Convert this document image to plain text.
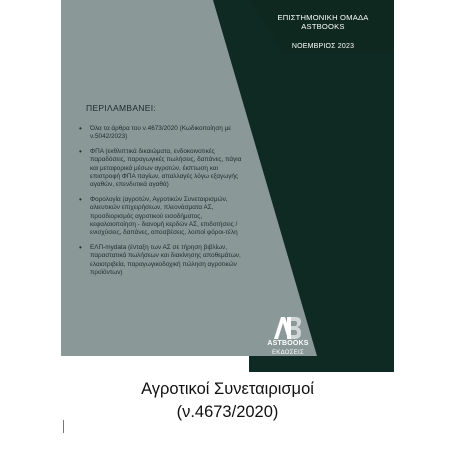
ΕΠΙΣΤΗΜΟΝΙΚΗ ΟΜΑΔΑ
ASTBOOKS
ΝΟΕΜΒΡΙΟΣ 2023
ΠΕΡΙΛΑΜΒΑΝΕΙ:
• Όλα τα άρθρα του ν.4673/2020 (Κωδικοποίηση με ν.5042/2023)
• ΦΠΑ (εκθλιπτικά δικαιώματα, ενδοκοινοτικές παραδόσεις, παραγωγικές πωλήσεις, δαπάνες, πάγια και μεταφορικά μέσων αγροτών, έκπτωση και επιστροφή ΦΠΑ παγίων, απαλλαγές λόγω εξαγωγής αγαθών, επενδυτικά αγαθά)
• Φορολογία (αγροτών, Αγροτικών Συνεταιρισμών, αλιευτικών επιχειρήσεων, πλεονάσματα ΑΣ, προσδιορισμός αγροτικού εισοδήματος, κεφαλαιοποίηση - διανομή κερδών ΑΣ, επιδοτήσεις / ενισχύσεις, δαπάνες, αποσβέσεις, λοιποί φόροι-τέλη
• ΕΛΠ-mydata (ένταξη των ΑΣ σε τήρηση βιβλίων, παραστατικά πωλήσεων και διακίνησης αποθεμάτων, ελαιοτριβεία, παραγωγικοδοχική πώληση αγροτικών προϊόντων)
ASTBOOKS
ΕΚΔΟΣΕΙΣ
Αγροτικοί Συνεταιρισμοί
(ν.4673/2020)
